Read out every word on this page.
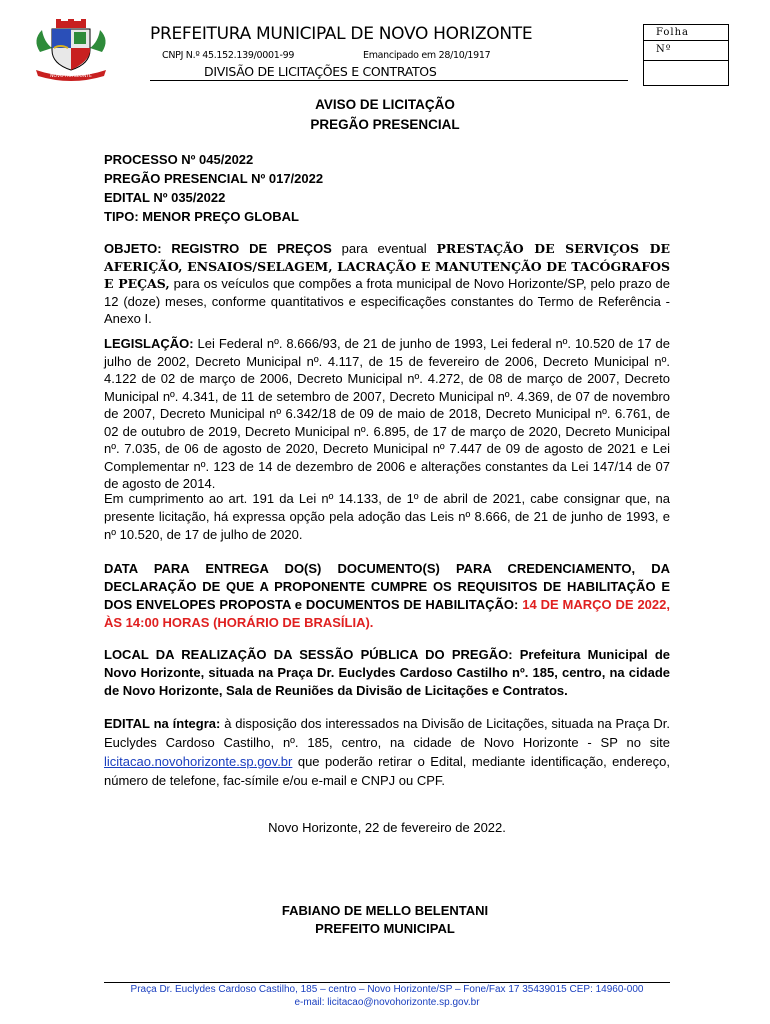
NOVO HORIZONTE
PREFEITURA MUNICIPAL DE NOVO HORIZONTE
CNPJ N.º 45.152.139/0001-99	Emancipado em 28/10/1917
DIVISÃO DE LICITAÇÕES E CONTRATOS
Folha
Nº
AVISO DE LICITAÇÃO
PREGÃO PRESENCIAL

PROCESSO Nº 045/2022

PREGÃO PRESENCIAL Nº 017/2022

EDITAL Nº 035/2022

TIPO: MENOR PREÇO GLOBAL

OBJETO: REGISTRO DE PREÇOS para eventual PRESTAÇÃO DE SERVIÇOS DE AFERIÇÃO, ENSAIOS/SELAGEM, LACRAÇÃO E MANUTENÇÃO DE TACÓGRAFOS E PEÇAS, para os veículos que compões a frota municipal de Novo Horizonte/SP, pelo prazo de 12 (doze) meses, conforme quantitativos e especificações constantes do Termo de Referência - Anexo I.
LEGISLAÇÃO: Lei Federal nº. 8.666/93, de 21 de junho de 1993, Lei federal nº. 10.520 de 17 de julho de 2002, Decreto Municipal nº. 4.117, de 15 de fevereiro de 2006, Decreto Municipal nº. 4.122 de 02 de março de 2006, Decreto Municipal nº. 4.272, de 08 de março de 2007, Decreto Municipal nº. 4.341, de 11 de setembro de 2007, Decreto Municipal nº. 4.369, de 07 de novembro de 2007, Decreto Municipal nº 6.342/18 de 09 de maio de 2018, Decreto Municipal nº. 6.761, de 02 de outubro de 2019, Decreto Municipal nº. 6.895, de 17 de março de 2020, Decreto Municipal nº. 7.035, de 06 de agosto de 2020, Decreto Municipal nº 7.447 de 09 de agosto de 2021 e Lei Complementar nº. 123 de 14 de dezembro de 2006 e alterações constantes da Lei 147/14 de 07 de agosto de 2014.
Em cumprimento ao art. 191 da Lei nº 14.133, de 1º de abril de 2021, cabe consignar que, na presente licitação, há expressa opção pela adoção das Leis nº 8.666, de 21 de junho de 1993, e nº 10.520, de 17 de julho de 2020.
DATA PARA ENTREGA DO(S) DOCUMENTO(S) PARA CREDENCIAMENTO, DA DECLARAÇÃO DE QUE A PROPONENTE CUMPRE OS REQUISITOS DE HABILITAÇÃO E DOS ENVELOPES PROPOSTA e DOCUMENTOS DE HABILITAÇÃO: 14 DE MARÇO DE 2022, ÀS 14:00 HORAS (HORÁRIO DE BRASÍLIA).
LOCAL DA REALIZAÇÃO DA SESSÃO PÚBLICA DO PREGÃO: Prefeitura Municipal de Novo Horizonte, situada na Praça Dr. Euclydes Cardoso Castilho nº. 185, centro, na cidade de Novo Horizonte, Sala de Reuniões da Divisão de Licitações e Contratos.
EDITAL na íntegra: à disposição dos interessados na Divisão de Licitações, situada na Praça Dr. Euclydes Cardoso Castilho, nº. 185, centro, na cidade de Novo Horizonte - SP no site licitacao.novohorizonte.sp.gov.br que poderão retirar o Edital, mediante identificação, endereço, número de telefone, fac-símile e/ou e-mail e CNPJ ou CPF.
Novo Horizonte, 22 de fevereiro de 2022.
FABIANO DE MELLO BELENTANI
PREFEITO MUNICIPAL
Praça Dr. Euclydes Cardoso Castilho, 185 – centro – Novo Horizonte/SP – Fone/Fax 17 35439015 CEP: 14960-000
e-mail: licitacao@novohorizonte.sp.gov.br
